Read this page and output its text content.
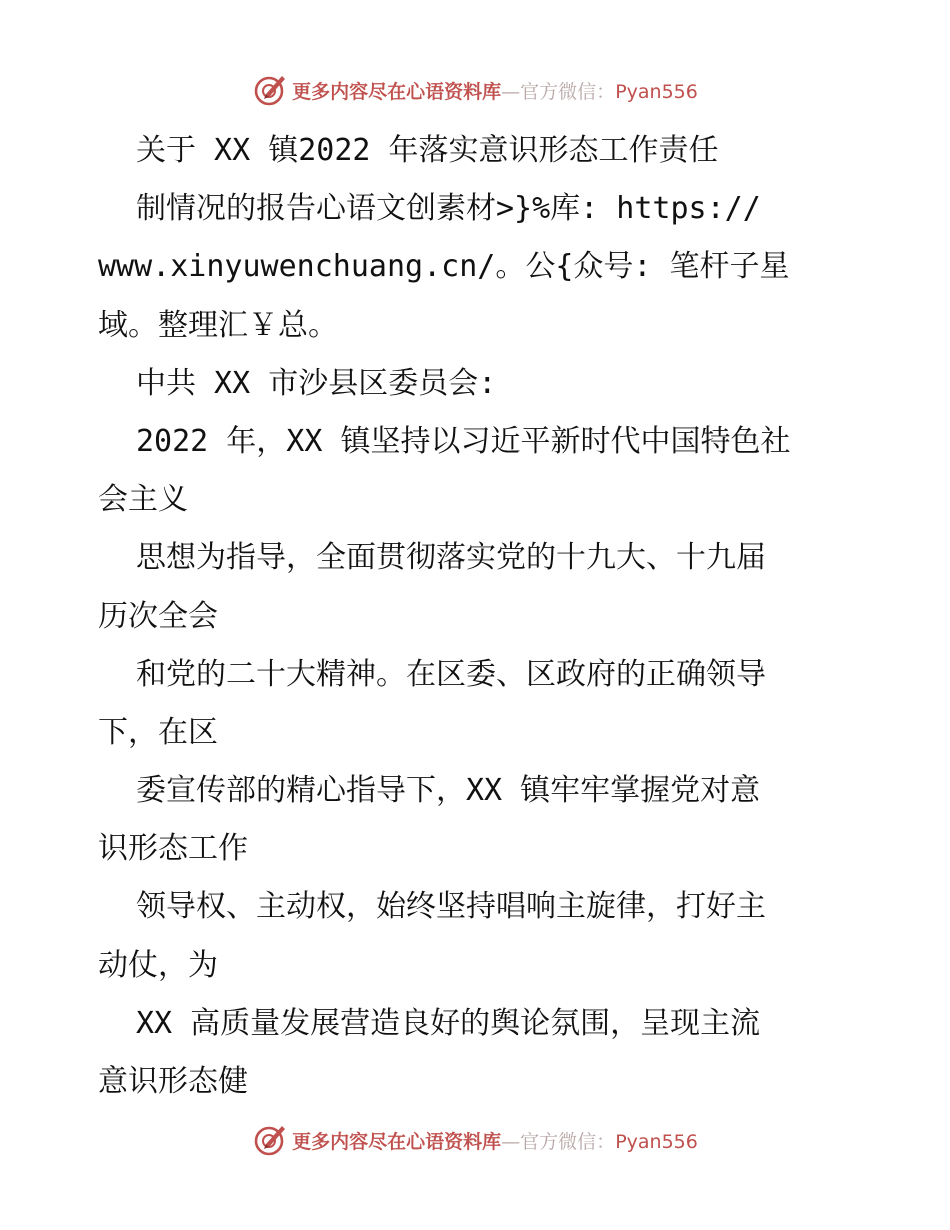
更多内容尽在心语资料库—官方微信：Pyan556
关于 XX 镇2022 年落实意识形态工作责任
制情况的报告心语文创素材>}%库: https://
www.xinyuwenchuang.cn/。公{众号: 笔杆子星
域。整理汇￥总。
中共 XX 市沙县区委员会:
2022 年，XX 镇坚持以习近平新时代中国特色社
会主义
思想为指导，全面贯彻落实党的十九大、十九届
历次全会
和党的二十大精神。在区委、区政府的正确领导
下，在区
委宣传部的精心指导下，XX 镇牢牢掌握党对意
识形态工作
领导权、主动权，始终坚持唱响主旋律，打好主
动仗，为
XX 高质量发展营造良好的舆论氛围，呈现主流
意识形态健
更多内容尽在心语资料库—官方微信：Pyan556
